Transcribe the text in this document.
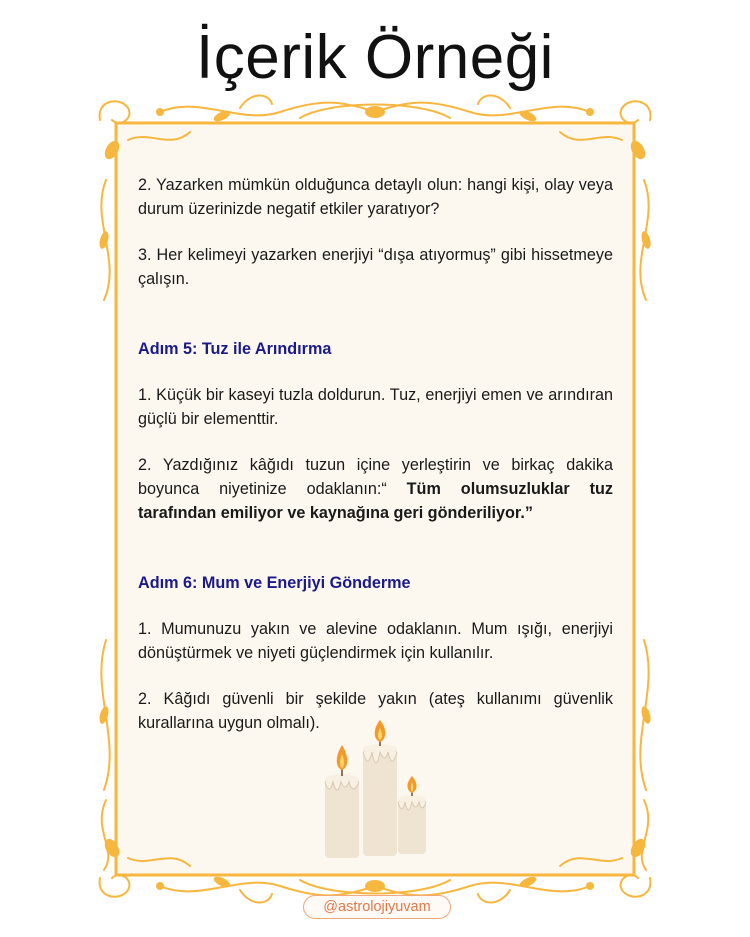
İçerik Örneği

2. Yazarken mümkün olduğunca detaylı olun: hangi kişi, olay veya durum üzerinizde negatif etkiler yaratıyor?

3. Her kelimeyi yazarken enerjiyi “dışa atıyormuş” gibi hissetmeye çalışın.

Adım 5: Tuz ile Arındırma

1. Küçük bir kaseyi tuzla doldurun. Tuz, enerjiyi emen ve arındıran güçlü bir elementtir.

2. Yazdığınız kâğıdı tuzun içine yerleştirin ve birkaç dakika boyunca niyetinize odaklanın:“ Tüm olumsuzluklar tuz tarafından emiliyor ve kaynağına geri gönderiliyor.”

Adım 6: Mum ve Enerjiyi Gönderme

1. Mumunuzu yakın ve alevine odaklanın. Mum ışığı, enerjiyi dönüştürmek ve niyeti güçlendirmek için kullanılır.

2. Kâğıdı güvenli bir şekilde yakın (ateş kullanımı güvenlik kurallarına uygun olmalı).

@astrolojiyuvam
